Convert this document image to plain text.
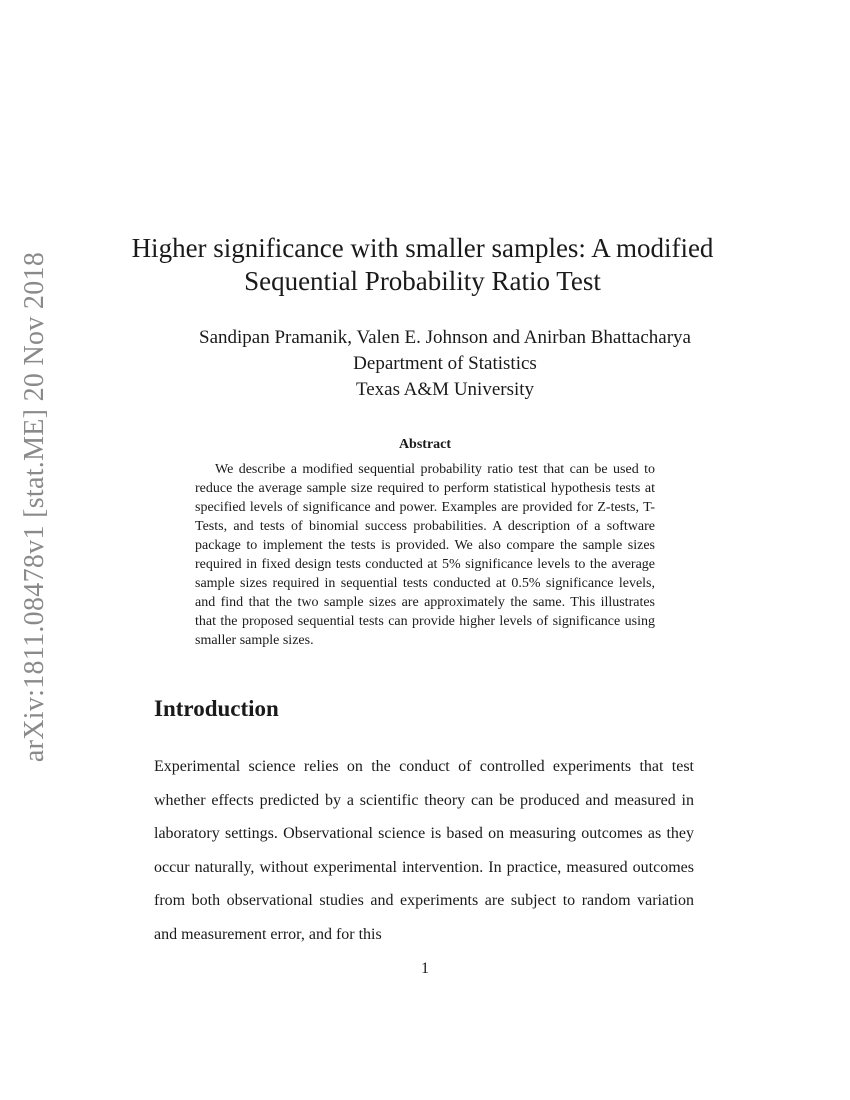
arXiv:1811.08478v1 [stat.ME] 20 Nov 2018
Higher significance with smaller samples: A modified Sequential Probability Ratio Test
Sandipan Pramanik, Valen E. Johnson and Anirban Bhattacharya
Department of Statistics
Texas A&M University
Abstract

We describe a modified sequential probability ratio test that can be used to reduce the average sample size required to perform statistical hypothesis tests at specified levels of significance and power. Examples are provided for Z-tests, T-Tests, and tests of binomial success probabilities. A description of a software package to implement the tests is provided. We also compare the sample sizes required in fixed design tests conducted at 5% significance levels to the average sample sizes required in sequential tests conducted at 0.5% significance levels, and find that the two sample sizes are approximately the same. This illustrates that the proposed sequential tests can provide higher levels of significance using smaller sample sizes.

Introduction

Experimental science relies on the conduct of controlled experiments that test whether effects predicted by a scientific theory can be produced and measured in laboratory settings. Observational science is based on measuring outcomes as they occur naturally, without experimental intervention. In practice, measured outcomes from both observational studies and experiments are subject to random variation and measurement error, and for this

1
